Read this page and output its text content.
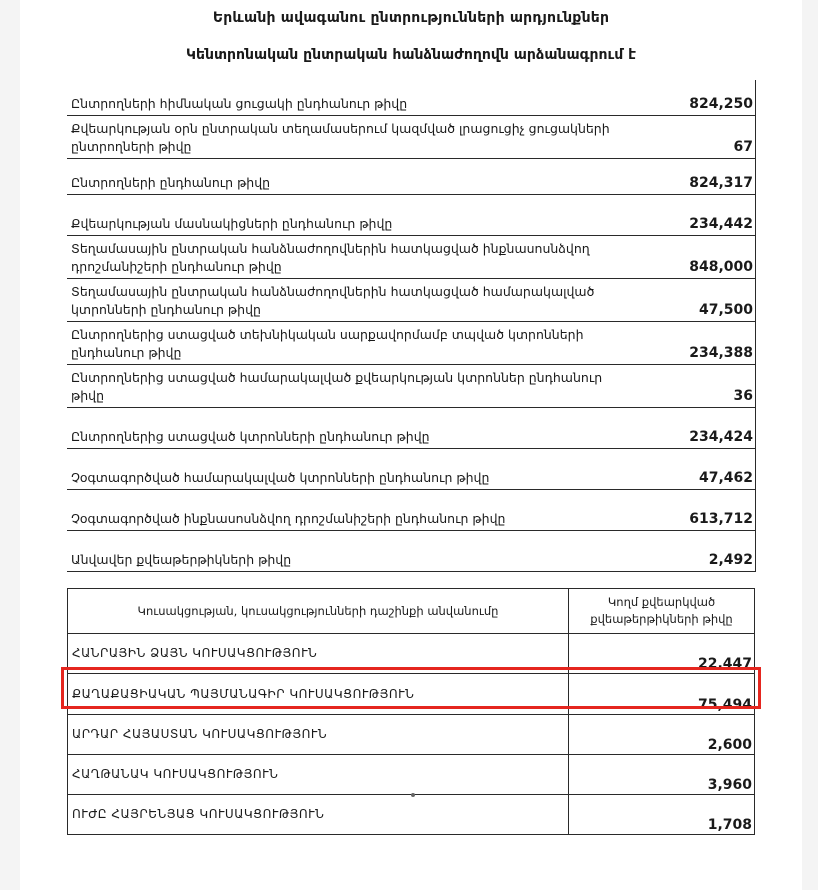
Երևանի ավագանու ընտրությունների արդյունքներ
Կենտրոնական ընտրական հանձնաժողովն արձանագրում է
Ընտրողների հիմնական ցուցակի ընդհանուր թիվը	824,250
Քվեարկության օրն ընտրական տեղամասերում կազմված լրացուցիչ ցուցակների ընտրողների թիվը	67
Ընտրողների ընդհանուր թիվը	824,317
Քվեարկության մասնակիցների ընդհանուր թիվը	234,442
Տեղամասային ընտրական հանձնաժողովներին հատկացված ինքնասոսնձվող դրոշմանիշերի ընդհանուր թիվը	848,000
Տեղամասային ընտրական հանձնաժողովներին հատկացված համարակալված կտրոնների ընդհանուր թիվը	47,500
Ընտրողներից ստացված տեխնիկական սարքավորմամբ տպված կտրոնների ընդհանուր թիվը	234,388
Ընտրողներից ստացված համարակալված քվեարկության կտրոններ ընդհանուր թիվը	36
Ընտրողներից ստացված կտրոնների ընդհանուր թիվը	234,424
Չօգտագործված համարակալված կտրոնների ընդհանուր թիվը	47,462
Չօգտագործված ինքնասոսնձվող դրոշմանիշերի ընդհանուր թիվը	613,712
Անվավեր քվեաթերթիկների թիվը	2,492
Կուսակցության, կուսակցությունների դաշինքի անվանումը	Կողմ քվեարկված քվեաթերթիկների թիվը
ՀԱՆՐԱՅԻՆ ՁԱՅՆ ԿՈՒՍԱԿՑՈՒԹՅՈՒՆ	22,447
ՔԱՂԱՔԱՑԻԱԿԱՆ ՊԱՅՄԱՆԱԳԻՐ ԿՈՒՍԱԿՑՈՒԹՅՈՒՆ	75,494
ԱՐԴԱՐ ՀԱՅԱՍՏԱՆ ԿՈՒՍԱԿՑՈՒԹՅՈՒՆ	2,600
ՀԱՂԹԱՆԱԿ ԿՈՒՍԱԿՑՈՒԹՅՈՒՆ	3,960
ՈՒԺԸ ՀԱՅՐԵՆՅԱՑ ԿՈՒՍԱԿՑՈՒԹՅՈՒՆ	1,708
